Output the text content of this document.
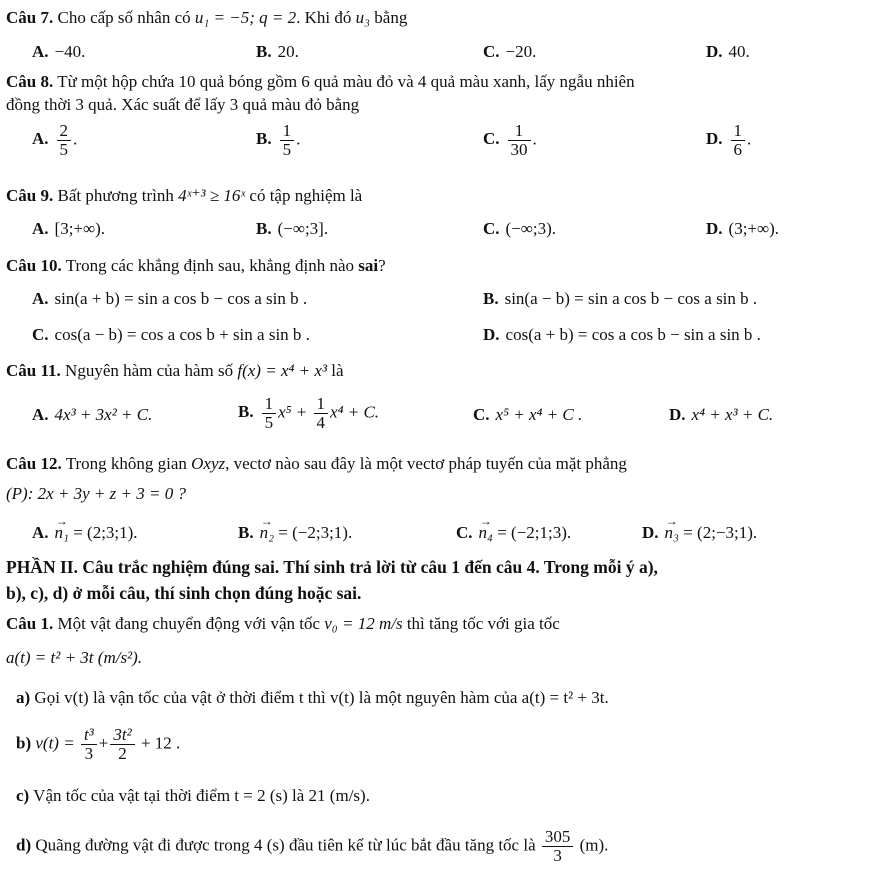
Câu 7. Cho cấp số nhân có u₁ = −5; q = 2. Khi đó u₃ bằng
A. −40.	B. 20.	C. −20.	D. 40.
Câu 8. Từ một hộp chứa 10 quả bóng gồm 6 quả màu đỏ và 4 quả màu xanh, lấy ngẫu nhiên
đồng thời 3 quả. Xác suất để lấy 3 quả màu đỏ bằng
A. $\frac{2}{5}$ .	B. $\frac{1}{5}$ .	C. $\frac{1}{30}$ .	D. $\frac{1}{6}$ .
Câu 9. Bất phương trình 4ˣ⁺³ ≥ 16ˣ có tập nghiệm là
A. [3;+∞).	B. (−∞;3].	C. (−∞;3).	D. (3;+∞).
Câu 10. Trong các khẳng định sau, khẳng định nào sai?
A. sin(a + b) = sin a cos b − cos a sin b .	B. sin(a − b) = sin a cos b − cos a sin b .
C. cos(a − b) = cos a cos b + sin a sin b .	D. cos(a + b) = cos a cos b − sin a sin b .
Câu 11. Nguyên hàm của hàm số f(x) = x⁴ + x³ là
A. 4x³ + 3x² + C.	B. $\frac{1}{5} x^5 + \frac{1}{4} x^4 + C$.	C. x⁵ + x⁴ + C .	D. x⁴ + x³ + C.
Câu 12. Trong không gian Oxyz, vectơ nào sau đây là một vectơ pháp tuyến của mặt phẳng
(P): 2x + 3y + z + 3 = 0 ?
A. → n₁ = (2;3;1).	B. → n₂ = (−2;3;1).	C. → n₄ = (−2;1;3).	D. → n₃ = (2;−3;1).
PHẦN II. Câu trắc nghiệm đúng sai. Thí sinh trả lời từ câu 1 đến câu 4. Trong mỗi ý a),
b), c), d) ở mỗi câu, thí sinh chọn đúng hoặc sai.
Câu 1. Một vật đang chuyển động với vận tốc v₀ = 12 m/s thì tăng tốc với gia tốc
a(t) = t² + 3t (m/s²).
a) Gọi v(t) là vận tốc của vật ở thời điểm t thì v(t) là một nguyên hàm của a(t) = t² + 3t.
b) $v(t) = \frac{\text{t³}}{3} + \frac{\text{3t²}}{2} + 12$ .
c) Vận tốc của vật tại thời điểm t = 2 (s) là 21 (m/s).
d) Quãng đường vật đi được trong 4 (s) đầu tiên kể từ lúc bắt đầu tăng tốc là $\frac{305}{3} (m)$.
